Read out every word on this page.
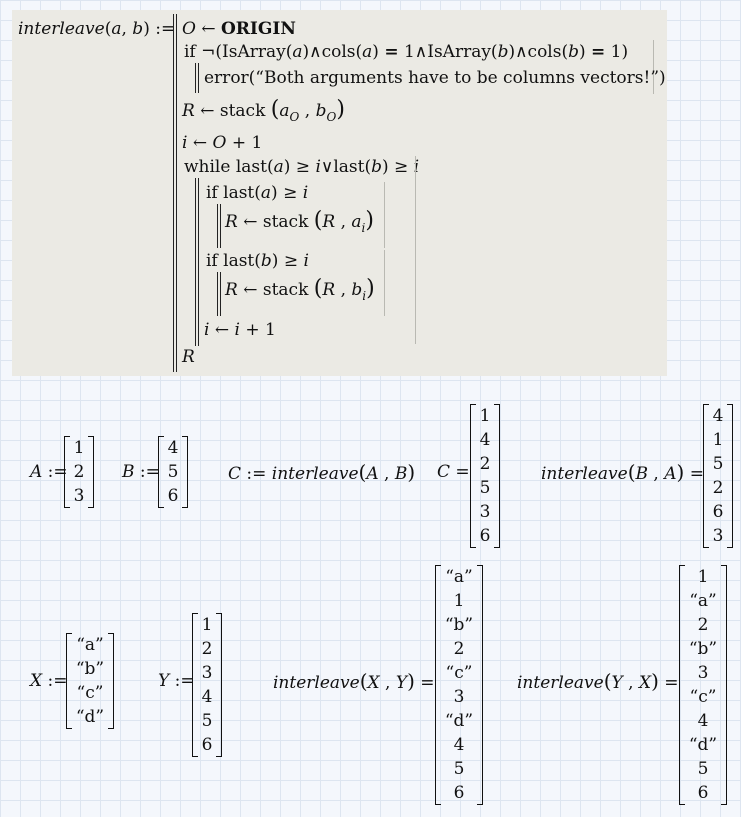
interleave(a, b) := O ← ORIGIN
if ¬(IsArray(a)∧cols(a) = 1∧IsArray(b)∧cols(b) = 1)
error(“Both arguments have to be columns vectors!”)
R ← stack ($a_O$ , $b_O$)
i ← O + 1
while last(a) ≥ i∨last(b) ≥ i
if last(a) ≥ i
R ← stack (R , $a_i$)
if last(b) ≥ i
R ← stack (R , $b_i$)
i ← i + 1
R
A :=
1
2
3
B :=
4
5
6
C := interleave(A , B) C =
1
4
2
5
3
6
interleave(B , A) =
4
1
5
2
6
3
X :=
“a”
“b”
“c”
“d”
Y :=
1
2
3
4
5
6
interleave(X , Y) =
“a”
1
“b”
2
“c”
3
“d”
4
5
6
interleave(Y , X) =
1
“a”
2
“b”
3
“c”
4
“d”
5
6
